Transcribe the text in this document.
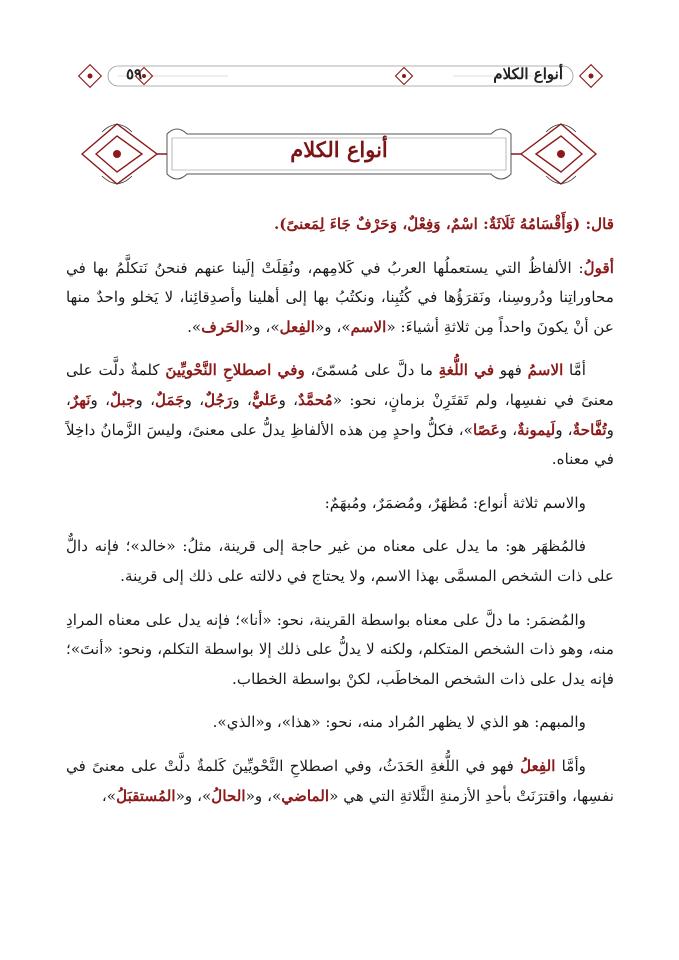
٥٩	أنواع الكلام
أنواع الكلام

قال: (وَأَقْسَامُهُ ثَلَاثَةٌ: اسْمٌ، وَفِعْلٌ، وَحَرْفٌ جَاءَ لِمَعنىً).

أقولُ: الألفاظُ التي يستعملُها العربُ في كَلامِهم، ونُقِلَتْ إلَينا عنهم فنحنُ نَتكلَّمُ بها في محاوراتِنا ودُروسِنا، ونَقرَؤُها في كُتُبِنا، ونكتُبُ بها إلى أهلينا وأصدِقائِنا، لا يَخلو واحدٌ منها عن أنْ يكونَ واحداً مِن ثلاثةِ أشياءَ: «الاسم»، و«الفِعل»، و«الحَرف».

أمَّا الاسمُ فهو في اللُّغةِ ما دلَّ على مُسمّىً، وفي اصطلاحِ النَّحْويِّينَ كلمةٌ دلَّت على معنىً في نفسِها، ولم تَقتَرِنْ بزمانٍ، نحو: «مُحمَّدٌ، وعَليٌّ، ورَجُلٌ، وجَمَلٌ، وجبلٌ، ونَهرٌ، وتُفَّاحةٌ، ولَيمونةٌ، وعَصًا»، فكلُّ واحدٍ مِن هذه الألفاظِ يدلُّ على معنىً، وليسَ الزَّمانُ داخِلاً في معناه.

والاسم ثلاثة أنواع: مُظهَرٌ، ومُضمَرٌ، ومُبهَمٌ:

فالمُظهَر هو: ما يدل على معناه من غير حاجة إلى قرينة، مثلُ: «خالد»؛ فإنه دالٌّ على ذات الشخص المسمَّى بهذا الاسم، ولا يحتاج في دلالته على ذلك إلى قرينة.

والمُضمَر: ما دلَّ على معناه بواسطة القرينة، نحو: «أنا»؛ فإنه يدل على معناه المرادِ منه، وهو ذات الشخص المتكلم، ولكنه لا يدلُّ على ذلك إلا بواسطة التكلم، ونحو: «أنتَ»؛ فإنه يدل على ذات الشخص المخاطَب، لكنْ بواسطة الخطاب.

والمبهم: هو الذي لا يظهر المُراد منه، نحو: «هذا»، و«الذي».

وأمَّا الفِعلُ فهو في اللُّغةِ الحَدَثُ، وفي اصطلاحِ النَّحْويِّينَ كَلمةٌ دلَّتْ على معنىً في نفسِها، واقترَنَتْ بأحدِ الأزمنةِ الثَّلاثةِ التي هي «الماضي»، و«الحالُ»، و«المُستقبَلُ»،
